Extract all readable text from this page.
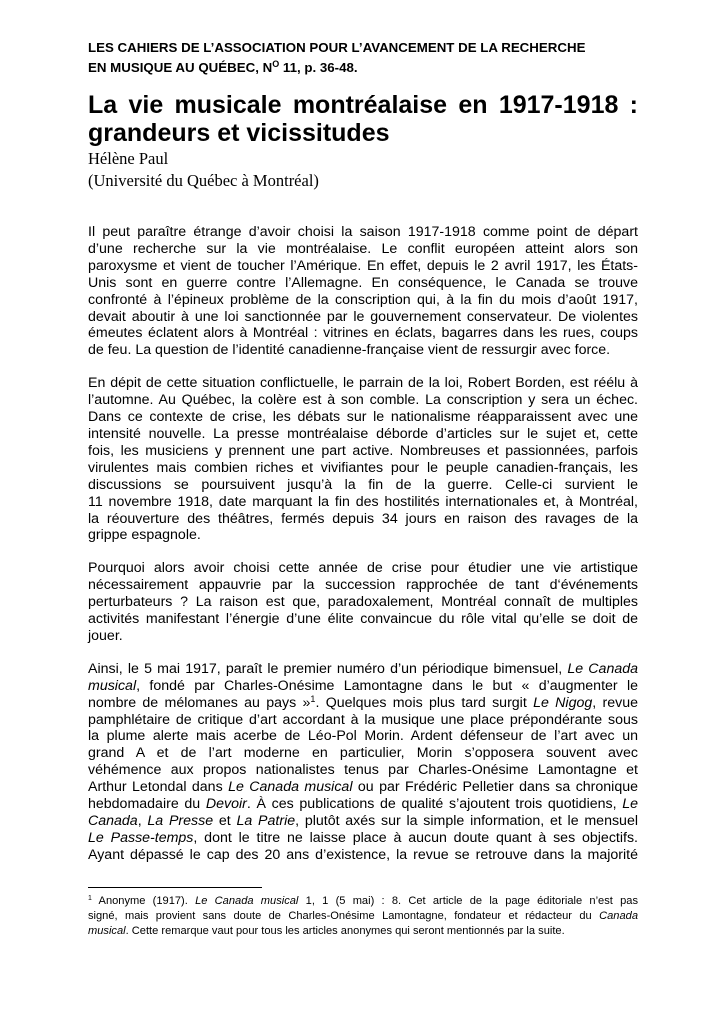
LES CAHIERS DE L’ASSOCIATION POUR L’AVANCEMENT DE LA RECHERCHE
EN MUSIQUE AU QUÉBEC, $N^O$ 11, p. 36-48.
La vie musicale montréalaise en 1917-1918 :
grandeurs et vicissitudes
Hélène Paul
(Université du Québec à Montréal)
Il peut paraître étrange d’avoir choisi la saison 1917-1918 comme point de départ
d’une recherche sur la vie montréalaise. Le conflit européen atteint alors son
paroxysme et vient de toucher l’Amérique. En effet, depuis le 2 avril 1917, les États-
Unis sont en guerre contre l’Allemagne. En conséquence, le Canada se trouve
confronté à l’épineux problème de la conscription qui, à la fin du mois d’août 1917,
devait aboutir à une loi sanctionnée par le gouvernement conservateur. De violentes
émeutes éclatent alors à Montréal : vitrines en éclats, bagarres dans les rues, coups
de feu. La question de l’identité canadienne-française vient de ressurgir avec force.
En dépit de cette situation conflictuelle, le parrain de la loi, Robert Borden, est réélu à
l’automne. Au Québec, la colère est à son comble. La conscription y sera un échec.
Dans ce contexte de crise, les débats sur le nationalisme réapparaissent avec une
intensité nouvelle. La presse montréalaise déborde d’articles sur le sujet et, cette
fois, les musiciens y prennent une part active. Nombreuses et passionnées, parfois
virulentes mais combien riches et vivifiantes pour le peuple canadien-français, les
discussions se poursuivent jusqu’à la fin de la guerre. Celle-ci survient le
11 novembre 1918, date marquant la fin des hostilités internationales et, à Montréal,
la réouverture des théâtres, fermés depuis 34 jours en raison des ravages de la
grippe espagnole.
Pourquoi alors avoir choisi cette année de crise pour étudier une vie artistique
nécessairement appauvrie par la succession rapprochée de tant d‘événements
perturbateurs ? La raison est que, paradoxalement, Montréal connaît de multiples
activités manifestant l’énergie d’une élite convaincue du rôle vital qu’elle se doit de
jouer.
Ainsi, le 5 mai 1917, paraît le premier numéro d’un périodique bimensuel, Le Canada
musical, fondé par Charles-Onésime Lamontagne dans le but « d’augmenter le
nombre de mélomanes au pays »$^1$. Quelques mois plus tard surgit Le Nigog, revue
pamphlétaire de critique d’art accordant à la musique une place prépondérante sous
la plume alerte mais acerbe de Léo-Pol Morin. Ardent défenseur de l’art avec un
grand A et de l’art moderne en particulier, Morin s’opposera souvent avec
véhémence aux propos nationalistes tenus par Charles-Onésime Lamontagne et
Arthur Letondal dans Le Canada musical ou par Frédéric Pelletier dans sa chronique
hebdomadaire du Devoir. À ces publications de qualité s’ajoutent trois quotidiens, Le
Canada, La Presse et La Patrie, plutôt axés sur la simple information, et le mensuel
Le Passe-temps, dont le titre ne laisse place à aucun doute quant à ses objectifs.
Ayant dépassé le cap des 20 ans d’existence, la revue se retrouve dans la majorité
$^1$ Anonyme (1917). Le Canada musical 1, 1 (5 mai) : 8. Cet article de la page éditoriale n’est pas
signé, mais provient sans doute de Charles-Onésime Lamontagne, fondateur et rédacteur du Canada
musical. Cette remarque vaut pour tous les articles anonymes qui seront mentionnés par la suite.
